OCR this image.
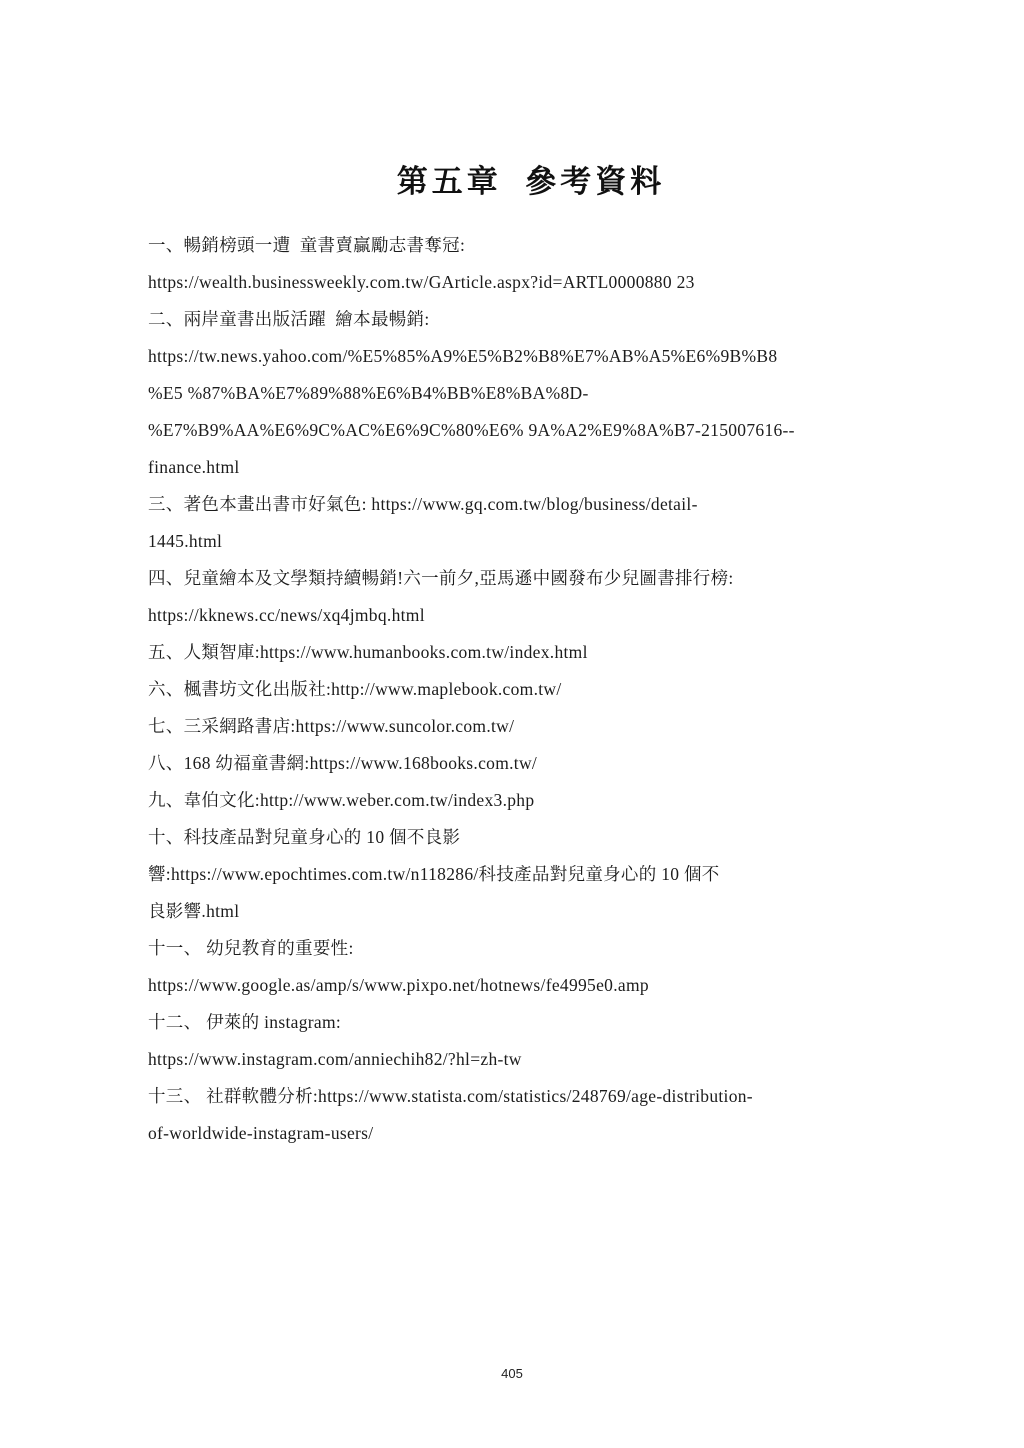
第五章  參考資料
一、暢銷榜頭一遭  童書賣贏勵志書奪冠:
https://wealth.businessweekly.com.tw/GArticle.aspx?id=ARTL0000880 23
二、兩岸童書出版活躍  繪本最暢銷:
https://tw.news.yahoo.com/%E5%85%A9%E5%B2%B8%E7%AB%A5%E6%9B%B8
%E5 %87%BA%E7%89%88%E6%B4%BB%E8%BA%8D-
%E7%B9%AA%E6%9C%AC%E6%9C%80%E6% 9A%A2%E9%8A%B7-215007616--
finance.html
三、著色本畫出書市好氣色: https://www.gq.com.tw/blog/business/detail-
1445.html
四、兒童繪本及文學類持續暢銷!六一前夕,亞馬遜中國發布少兒圖書排行榜:
https://kknews.cc/news/xq4jmbq.html
五、人類智庫:https://www.humanbooks.com.tw/index.html
六、楓書坊文化出版社:http://www.maplebook.com.tw/
七、三采網路書店:https://www.suncolor.com.tw/
八、168 幼福童書網:https://www.168books.com.tw/
九、韋伯文化:http://www.weber.com.tw/index3.php
十、科技產品對兒童身心的 10 個不良影
響:https://www.epochtimes.com.tw/n118286/科技產品對兒童身心的 10 個不
良影響.html
十一、 幼兒教育的重要性:
https://www.google.as/amp/s/www.pixpo.net/hotnews/fe4995e0.amp
十二、 伊萊的 instagram:
https://www.instagram.com/anniechih82/?hl=zh-tw
十三、 社群軟體分析:https://www.statista.com/statistics/248769/age-distribution-
of-worldwide-instagram-users/
405
